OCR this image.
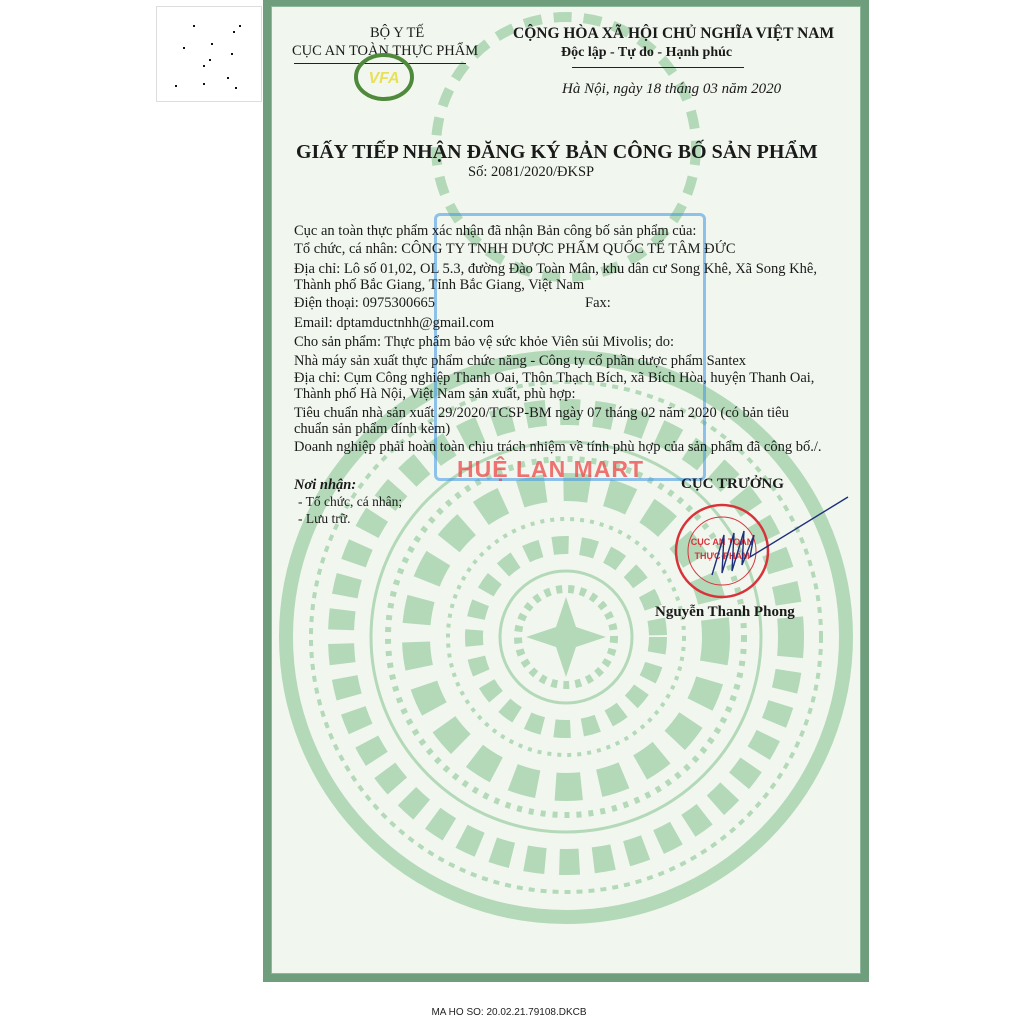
BỘ Y TẾ
CỤC AN TOÀN THỰC PHẨM
VFA
CỘNG HÒA XÃ HỘI CHỦ NGHĨA VIỆT NAM
Độc lập - Tự do - Hạnh phúc
Hà Nội, ngày 18 tháng 03 năm 2020
GIẤY TIẾP NHẬN ĐĂNG KÝ BẢN CÔNG BỐ SẢN PHẨM
Số: 2081/2020/ĐKSP
Cục an toàn thực phẩm xác nhận đã nhận Bản công bố sản phẩm của:
Tổ chức, cá nhân: CÔNG TY TNHH DƯỢC PHẨM QUỐC TẾ TÂM ĐỨC
Địa chỉ: Lô số 01,02, OL 5.3, đường Đào Toàn Mân, khu dân cư Song Khê, Xã Song Khê,
Thành phố Bắc Giang, Tỉnh Bắc Giang, Việt Nam
Điện thoại: 0975300665	Fax:
Email: dptamductnhh@gmail.com
Cho sản phẩm: Thực phẩm bảo vệ sức khỏe Viên sủi Mivolis; do:
Nhà máy sản xuất thực phẩm chức năng - Công ty cổ phần dược phẩm Santex
Địa chỉ: Cụm Công nghiệp Thanh Oai, Thôn Thạch Bích, xã Bích Hòa, huyện Thanh Oai,
Thành phố Hà Nội, Việt Nam sản xuất, phù hợp:
Tiêu chuẩn nhà sản xuất 29/2020/TCSP-BM ngày 07 tháng 02 năm 2020 (có bản tiêu
chuẩn sản phẩm đính kèm)
Doanh nghiệp phải hoàn toàn chịu trách nhiệm về tính phù hợp của sản phẩm đã công bố./.
HUỆ LAN MART
Nơi nhận:
- Tổ chức, cá nhân;
- Lưu trữ.
CỤC TRƯỞNG
CỤC AN TOÀN
THỰC PHẨM
Nguyễn Thanh Phong
MA HO SO: 20.02.21.79108.DKCB
